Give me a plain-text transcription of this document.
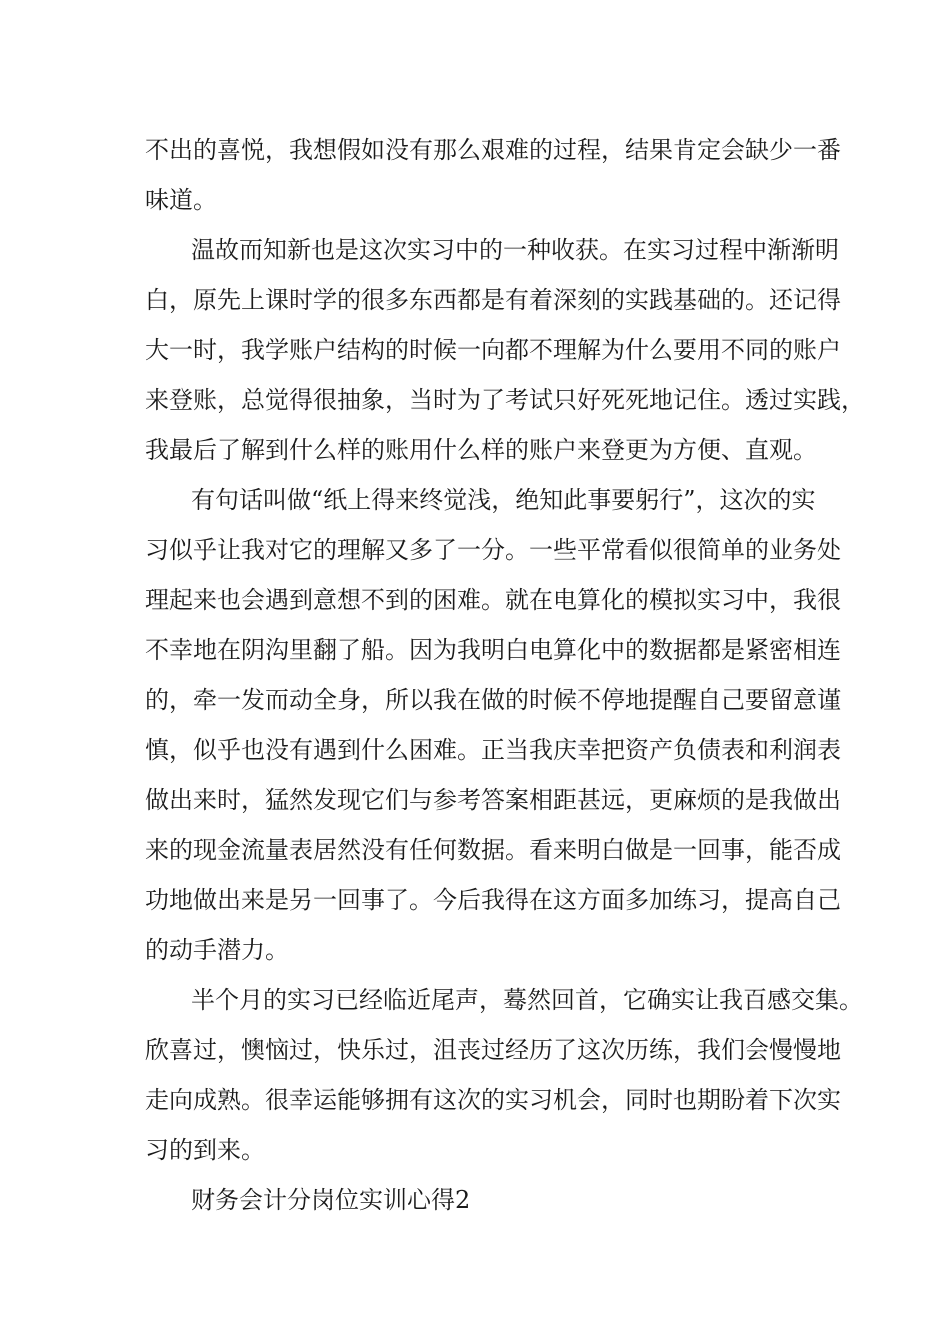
不出的喜悦，我想假如没有那么艰难的过程，结果肯定会缺少一番
味道。
温故而知新也是这次实习中的一种收获。在实习过程中渐渐明
白，原先上课时学的很多东西都是有着深刻的实践基础的。还记得
大一时，我学账户结构的时候一向都不理解为什么要用不同的账户
来登账，总觉得很抽象，当时为了考试只好死死地记住。透过实践，
我最后了解到什么样的账用什么样的账户来登更为方便、直观。
有句话叫做“纸上得来终觉浅，绝知此事要躬行”，这次的实
习似乎让我对它的理解又多了一分。一些平常看似很简单的业务处
理起来也会遇到意想不到的困难。就在电算化的模拟实习中，我很
不幸地在阴沟里翻了船。因为我明白电算化中的数据都是紧密相连
的，牵一发而动全身，所以我在做的时候不停地提醒自己要留意谨
慎，似乎也没有遇到什么困难。正当我庆幸把资产负债表和利润表
做出来时，猛然发现它们与参考答案相距甚远，更麻烦的是我做出
来的现金流量表居然没有任何数据。看来明白做是一回事，能否成
功地做出来是另一回事了。今后我得在这方面多加练习，提高自己
的动手潜力。
半个月的实习已经临近尾声，蓦然回首，它确实让我百感交集。
欣喜过，懊恼过，快乐过，沮丧过经历了这次历练，我们会慢慢地
走向成熟。很幸运能够拥有这次的实习机会，同时也期盼着下次实
习的到来。
财务会计分岗位实训心得2
